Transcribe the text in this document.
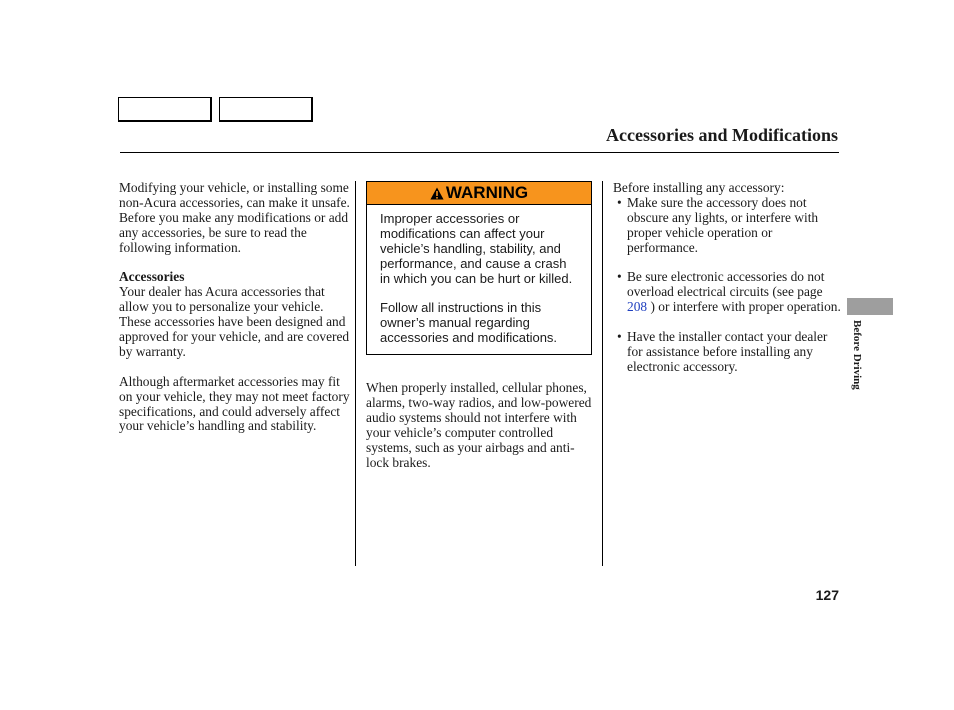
Accessories and Modifications

Modifying your vehicle, or installing some non-Acura accessories, can make it unsafe. Before you make any modifications or add any accessories, be sure to read the following information.

Accessories

Your dealer has Acura accessories that allow you to personalize your vehicle. These accessories have been designed and approved for your vehicle, and are covered by warranty.

Although aftermarket accessories may fit on your vehicle, they may not meet factory specifications, and could adversely affect your vehicle’s handling and stability.

WARNING

Improper accessories or modifications can affect your vehicle’s handling, stability, and performance, and cause a crash in which you can be hurt or killed.

Follow all instructions in this owner’s manual regarding accessories and modifications.

When properly installed, cellular phones, alarms, two-way radios, and low-powered audio systems should not interfere with your vehicle’s computer controlled systems, such as your airbags and anti-lock brakes.

Before installing any accessory:

• Make sure the accessory does not obscure any lights, or interfere with proper vehicle operation or performance.
• Be sure electronic accessories do not overload electrical circuits (see page 208 ) or interfere with proper operation.
• Have the installer contact your dealer for assistance before installing any electronic accessory.	Before Driving
127
